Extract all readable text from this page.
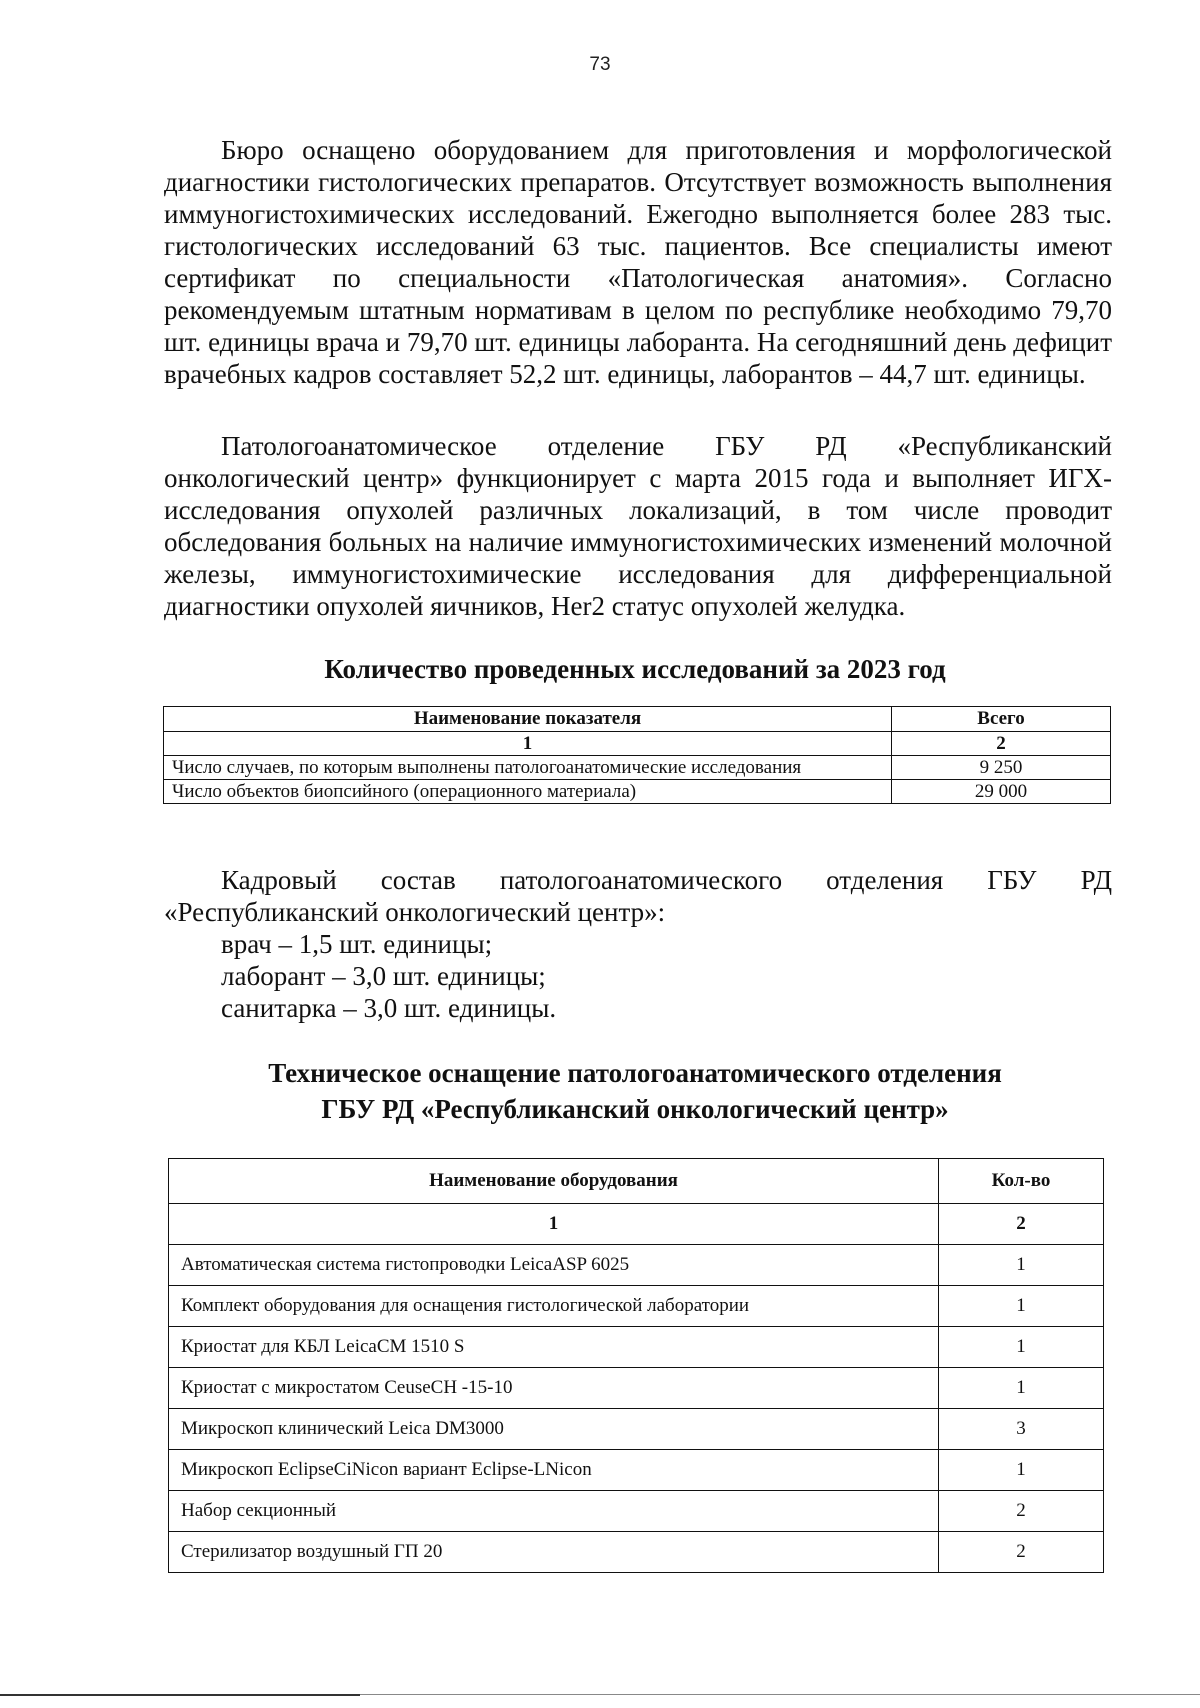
73

Бюро оснащено оборудованием для приготовления и морфологической диагностики гистологических препаратов. Отсутствует возможность выполнения иммуногистохимических исследований. Ежегодно выполняется более 283 тыс. гистологических исследований 63 тыс. пациентов. Все специалисты имеют сертификат по специальности «Патологическая анатомия». Согласно рекомендуемым штатным нормативам в целом по республике необходимо 79,70 шт. единицы врача и 79,70 шт. единицы лаборанта. На сегодняшний день дефицит врачебных кадров составляет 52,2 шт. единицы, лаборантов – 44,7 шт. единицы.

Патологоанатомическое отделение ГБУ РД «Республиканский онкологический центр» функционирует с марта 2015 года и выполняет ИГХ-исследования опухолей различных локализаций, в том числе проводит обследования больных на наличие иммуногистохимических изменений молочной железы, иммуногистохимические исследования для дифференциальной диагностики опухолей яичников, Her2 статус опухолей желудка.

Количество проведенных исследований за 2023 год
Наименование показателя	Всего
1	2
Число случаев, по которым выполнены патологоанатомические исследования	9 250
Число объектов биопсийного (операционного материала)	29 000

Кадровый состав патологоанатомического отделения ГБУ РД «Республиканский онкологический центр»:

врач – 1,5 шт. единицы;

лаборант – 3,0 шт. единицы;

санитарка – 3,0 шт. единицы.

Техническое оснащение патологоанатомического отделения
ГБУ РД «Республиканский онкологический центр»
Наименование оборудования	Кол-во
1	2
Автоматическая система гистопроводки LeicaASP 6025	1
Комплект оборудования для оснащения гистологической лаборатории	1
Криостат для КБЛ LeicaCM 1510 S	1
Криостат с микростатом CeuseCH -15-10	1
Микроскоп клинический Leica DM3000	3
Микроскоп EclipseCiNicon вариант Eclipse-LNicon	1
Набор секционный	2
Стерилизатор воздушный ГП 20	2
